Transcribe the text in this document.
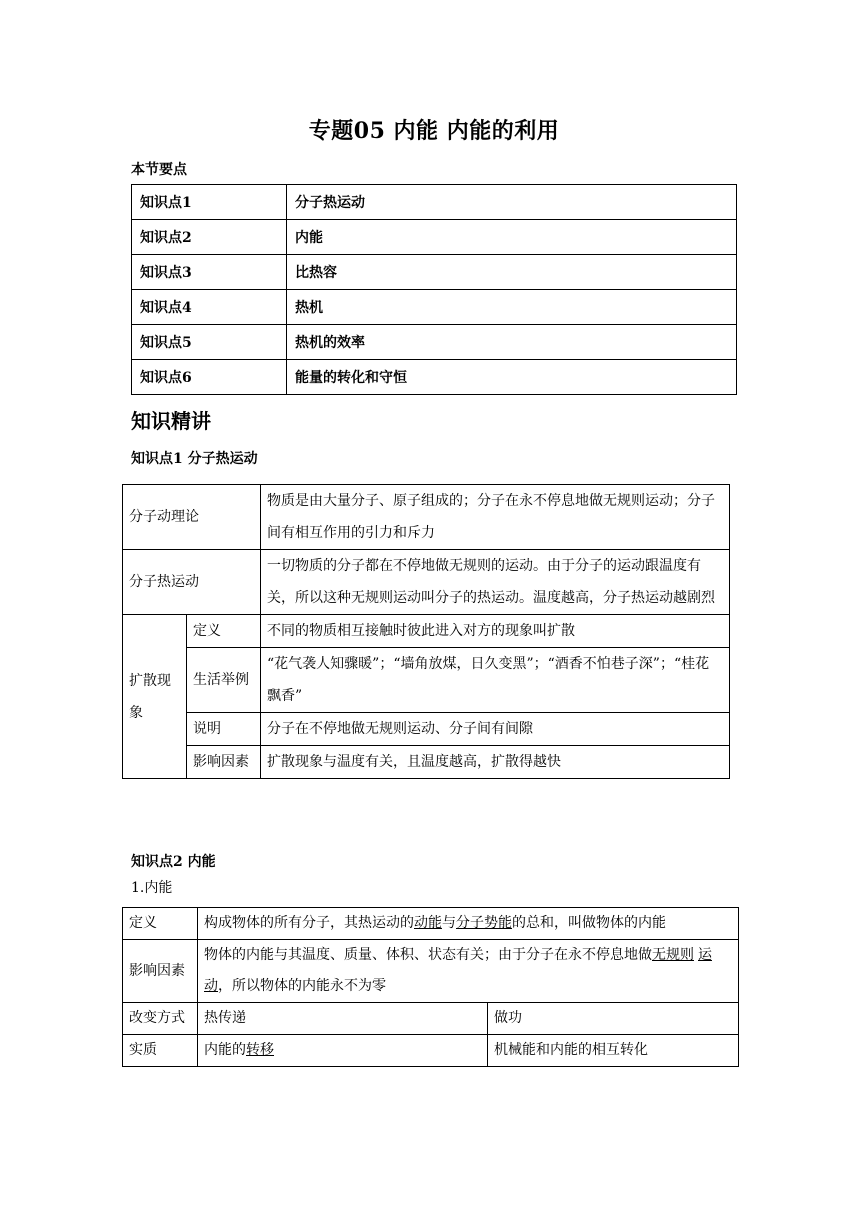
专题05 内能 内能的利用
本节要点
知识点1	分子热运动
知识点2	内能
知识点3	比热容
知识点4	热机
知识点5	热机的效率
知识点6	能量的转化和守恒
知识精讲
知识点1 分子热运动
分子动理论		物质是由大量分子、原子组成的；分子在永不停息地做无规则运动；分子间有相互作用的引力和斥力
分子热运动		一切物质的分子都在不停地做无规则的运动。由于分子的运动跟温度有关，所以这种无规则运动叫分子的热运动。温度越高，分子热运动越剧烈
扩散现象	定义	不同的物质相互接触时彼此进入对方的现象叫扩散
	生活举例	“花气袭人知骤暖”；“墙角放煤，日久变黑”；“酒香不怕巷子深”；“桂花飘香”
	说明	分子在不停地做无规则运动、分子间有间隙
	影响因素	扩散现象与温度有关，且温度越高，扩散得越快
知识点2 内能
1.内能
定义	构成物体的所有分子，其热运动的动能与分子势能的总和，叫做物体的内能	
影响因素	物体的内能与其温度、质量、体积、状态有关；由于分子在永不停息地做无规则 运动，所以物体的内能永不为零	
改变方式	热传递	做功
实质	内能的转移	机械能和内能的相互转化
